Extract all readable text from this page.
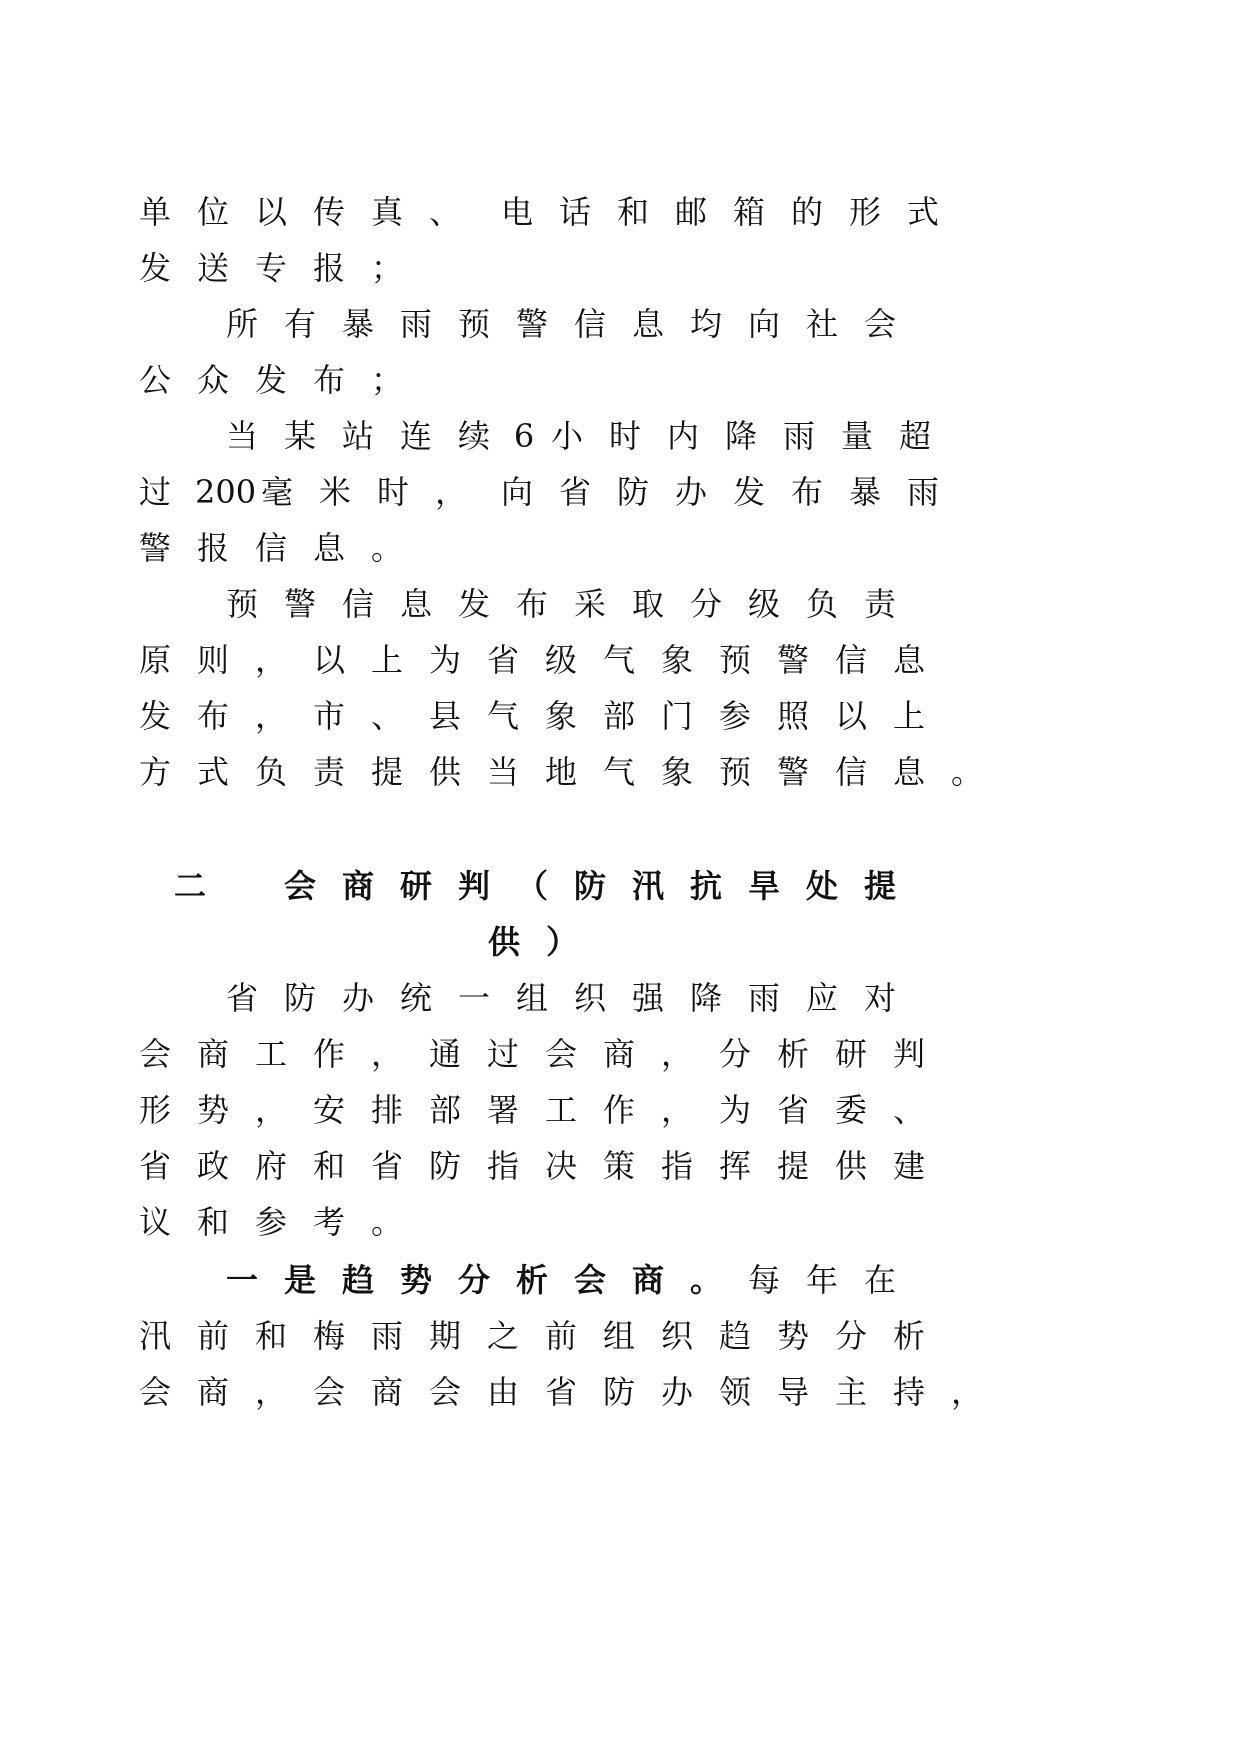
单 位 以 传 真 、 电 话 和 邮 箱 的 形 式
发 送 专 报 ；
所 有 暴 雨 预 警 信 息 均 向 社 会
公 众 发 布 ；
当 某 站 连 续 6 小 时 内 降 雨 量 超
过 200 毫 米 时 ， 向 省 防 办 发 布 暴 雨
警 报 信 息 。
预 警 信 息 发 布 采 取 分 级 负 责
原 则 ， 以 上 为 省 级 气 象 预 警 信 息
发 布 ， 市 、 县 气 象 部 门 参 照 以 上
方 式 负 责 提 供 当 地 气 象 预 警 信 息 。
二 会 商 研 判 （ 防 汛 抗 旱 处 提
供 ）
省 防 办 统 一 组 织 强 降 雨 应 对
会 商 工 作 ， 通 过 会 商 ， 分 析 研 判
形 势 ， 安 排 部 署 工 作 ， 为 省 委 、
省 政 府 和 省 防 指 决 策 指 挥 提 供 建
议 和 参 考 。
一 是 趋 势 分 析 会 商 。 每 年 在
汛 前 和 梅 雨 期 之 前 组 织 趋 势 分 析
会 商 ， 会 商 会 由 省 防 办 领 导 主 持 ，
